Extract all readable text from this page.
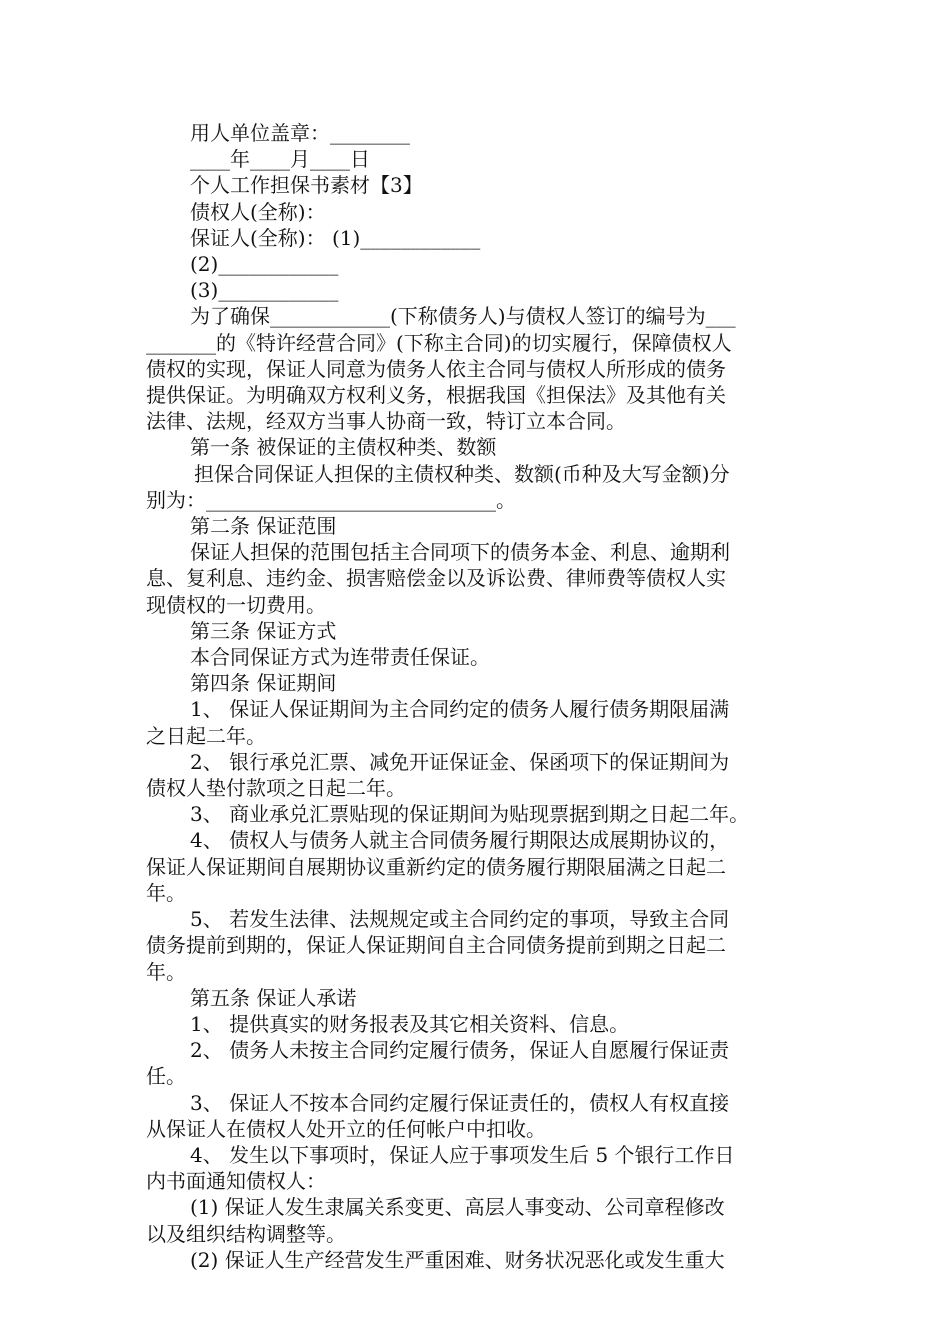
用人单位盖章：________

____年____月____日

个人工作担保书素材【3】

债权人(全称)：

保证人(全称)： (1)____________

(2)____________

(3)____________

为了确保____________(下称债务人)与债权人签订的编号为___

_______的《特许经营合同》(下称主合同)的切实履行，保障债权人

债权的实现，保证人同意为债务人依主合同与债权人所形成的债务

提供保证。为明确双方权利义务，根据我国《担保法》及其他有关

法律、法规，经双方当事人协商一致，特订立本合同。

第一条 被保证的主债权种类、数额

担保合同保证人担保的主债权种类、数额(币种及大写金额)分

别为：_____________________________。

第二条 保证范围

保证人担保的范围包括主合同项下的债务本金、利息、逾期利

息、复利息、违约金、损害赔偿金以及诉讼费、律师费等债权人实

现债权的一切费用。

第三条 保证方式

本合同保证方式为连带责任保证。

第四条 保证期间

1、 保证人保证期间为主合同约定的债务人履行债务期限届满

之日起二年。

2、 银行承兑汇票、减免开证保证金、保函项下的保证期间为

债权人垫付款项之日起二年。

3、 商业承兑汇票贴现的保证期间为贴现票据到期之日起二年。

4、 债权人与债务人就主合同债务履行期限达成展期协议的，

保证人保证期间自展期协议重新约定的债务履行期限届满之日起二

年。

5、 若发生法律、法规规定或主合同约定的事项，导致主合同

债务提前到期的，保证人保证期间自主合同债务提前到期之日起二

年。

第五条 保证人承诺

1、 提供真实的财务报表及其它相关资料、信息。

2、 债务人未按主合同约定履行债务，保证人自愿履行保证责

任。

3、 保证人不按本合同约定履行保证责任的，债权人有权直接

从保证人在债权人处开立的任何帐户中扣收。

4、 发生以下事项时，保证人应于事项发生后 5 个银行工作日

内书面通知债权人：

(1) 保证人发生隶属关系变更、高层人事变动、公司章程修改

以及组织结构调整等。

(2) 保证人生产经营发生严重困难、财务状况恶化或发生重大
